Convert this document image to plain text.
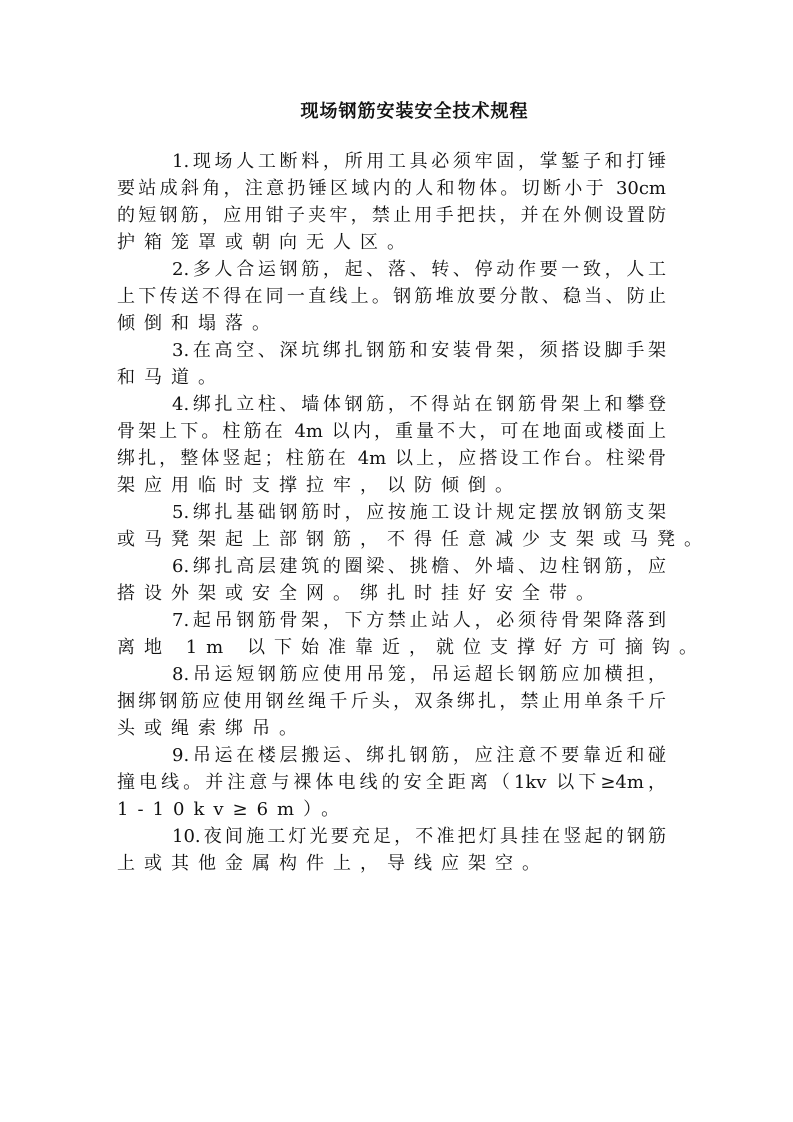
现场钢筋安装安全技术规程
1.现场人工断料，所用工具必须牢固，掌錾子和打锤
要站成斜角，注意扔锤区域内的人和物体。切断小于 30cm
的短钢筋，应用钳子夹牢，禁止用手把扶，并在外侧设置防
护箱笼罩或朝向无人区。
2.多人合运钢筋，起、落、转、停动作要一致，人工
上下传送不得在同一直线上。钢筋堆放要分散、稳当、防止
倾倒和塌落。
3.在高空、深坑绑扎钢筋和安装骨架，须搭设脚手架
和马道。
4.绑扎立柱、墙体钢筋，不得站在钢筋骨架上和攀登
骨架上下。柱筋在 4m 以内，重量不大，可在地面或楼面上
绑扎，整体竖起；柱筋在 4m 以上，应搭设工作台。柱梁骨
架应用临时支撑拉牢，以防倾倒。
5.绑扎基础钢筋时，应按施工设计规定摆放钢筋支架
或马凳架起上部钢筋，不得任意减少支架或马凳。
6.绑扎高层建筑的圈梁、挑檐、外墙、边柱钢筋，应
搭设外架或安全网。绑扎时挂好安全带。
7.起吊钢筋骨架，下方禁止站人，必须待骨架降落到
离地 1m 以下始准靠近，就位支撑好方可摘钩。
8.吊运短钢筋应使用吊笼，吊运超长钢筋应加横担，
捆绑钢筋应使用钢丝绳千斤头，双条绑扎，禁止用单条千斤
头或绳索绑吊。
9.吊运在楼层搬运、绑扎钢筋，应注意不要靠近和碰
撞电线。并注意与裸体电线的安全距离（1kv 以下≥4m，
1-10kv≥6m）。
10.夜间施工灯光要充足，不准把灯具挂在竖起的钢筋
上或其他金属构件上，导线应架空。
